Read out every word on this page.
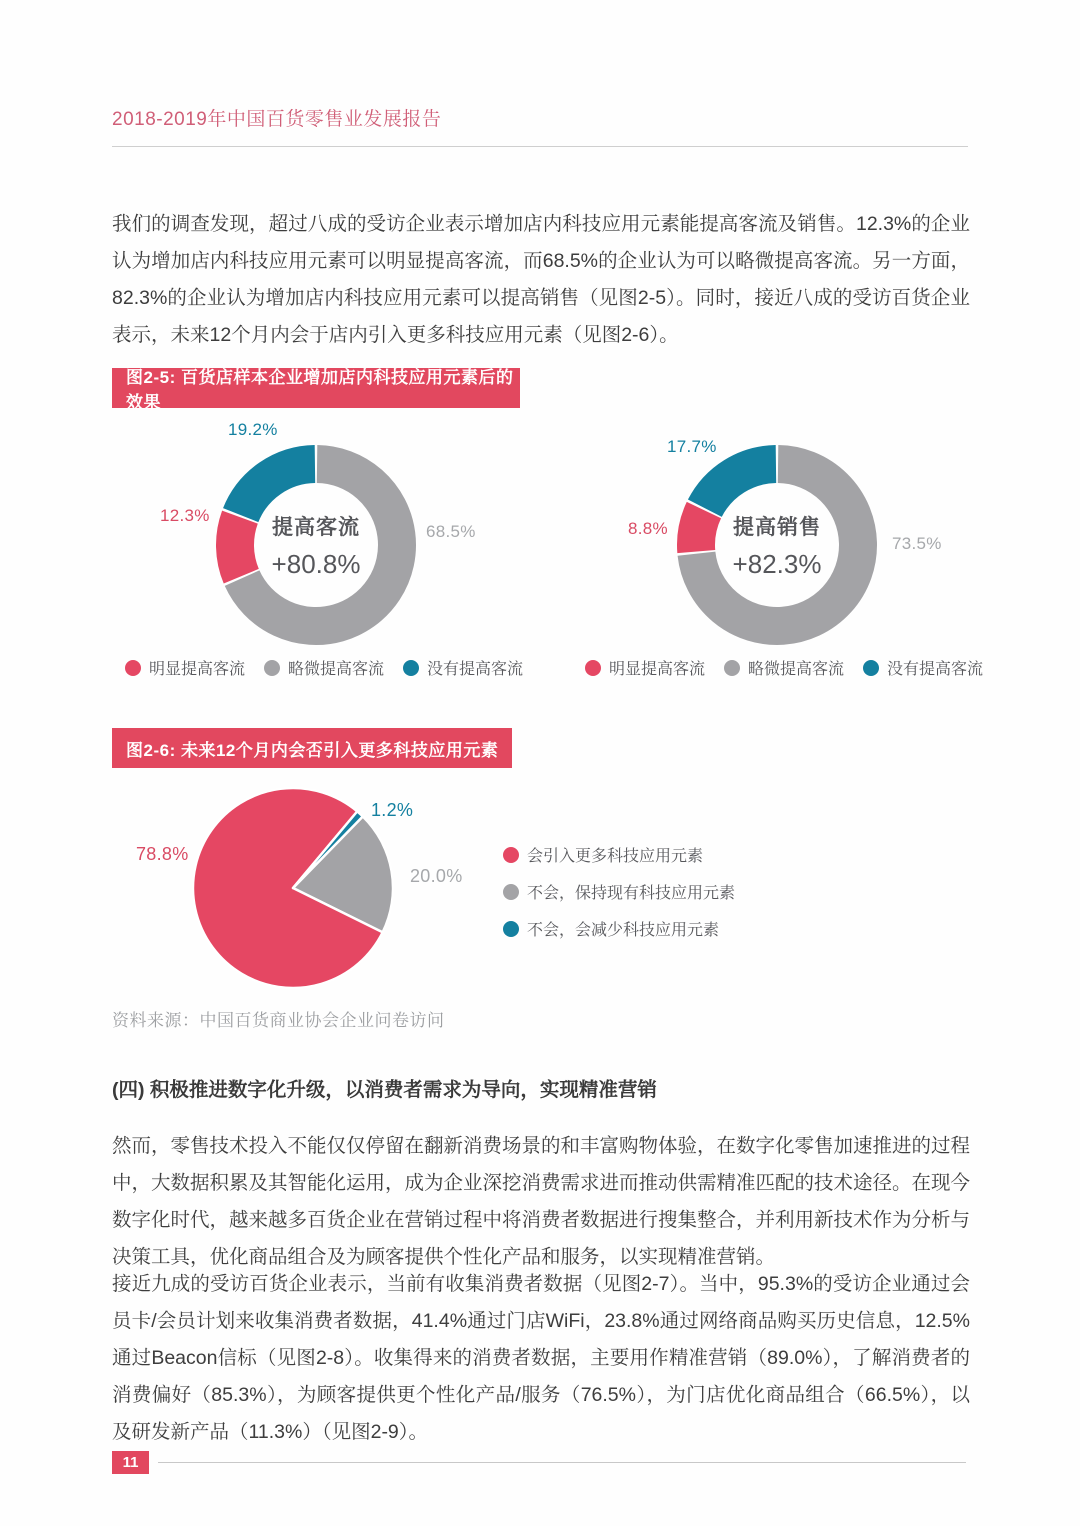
2018-2019年中国百货零售业发展报告

我们的调查发现，超过八成的受访企业表示增加店内科技应用元素能提高客流及销售。12.3%的企业认为增加店内科技应用元素可以明显提高客流，而68.5%的企业认为可以略微提高客流。另一方面，82.3%的企业认为增加店内科技应用元素可以提高销售（见图2-5）。同时，接近八成的受访百货企业表示，未来12个月内会于店内引入更多科技应用元素（见图2-6）。

图2-5: 百货店样本企业增加店内科技应用元素后的效果
提高客流
+80.8%
19.2%
12.3%
68.5%	提高销售
+82.3%
17.7%
8.8%
73.5%
明显提高客流	略微提高客流	没有提高客流	明显提高客流	略微提高客流	没有提高客流
图2-6: 未来12个月内会否引入更多科技应用元素
78.8%
1.2%
20.0%
会引入更多科技应用元素
不会，保持现有科技应用元素
不会，会减少科技应用元素
资料来源：中国百货商业协会企业问卷访问
(四) 积极推进数字化升级，以消费者需求为导向，实现精准营销

然而，零售技术投入不能仅仅停留在翻新消费场景的和丰富购物体验，在数字化零售加速推进的过程中，大数据积累及其智能化运用，成为企业深挖消费需求进而推动供需精准匹配的技术途径。在现今数字化时代，越来越多百货企业在营销过程中将消费者数据进行搜集整合，并利用新技术作为分析与决策工具，优化商品组合及为顾客提供个性化产品和服务，以实现精准营销。

接近九成的受访百货企业表示，当前有收集消费者数据（见图2-7）。当中，95.3%的受访企业通过会员卡/会员计划来收集消费者数据，41.4%通过门店WiFi，23.8%通过网络商品购买历史信息，12.5%通过Beacon信标（见图2-8）。收集得来的消费者数据，主要用作精准营销（89.0%），了解消费者的消费偏好（85.3%），为顾客提供更个性化产品/服务（76.5%），为门店优化商品组合（66.5%），以及研发新产品（11.3%）（见图2-9）。

11
